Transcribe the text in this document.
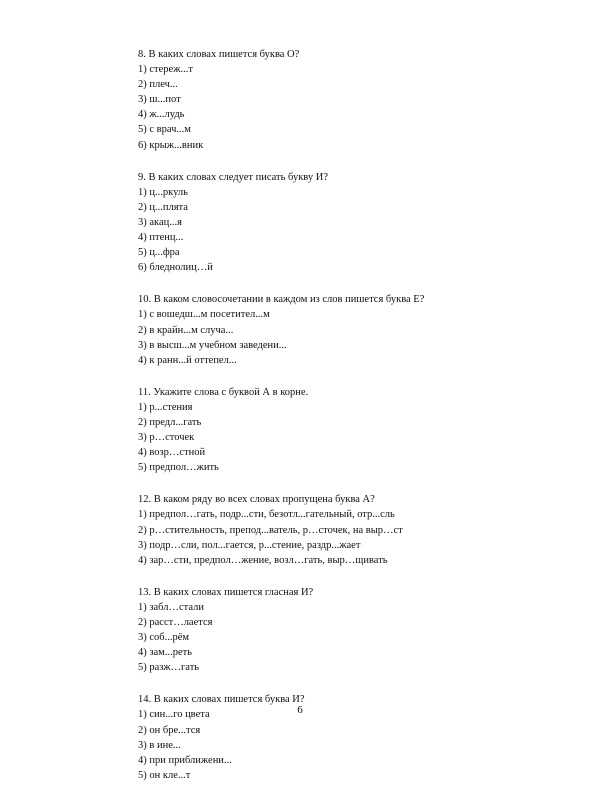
8. В каких словах пишется буква О?

1) стереж...т
2) плеч...
3) ш...пот
4) ж...лудь
5) с врач...м
6) крыж...вник

9. В каких словах следует писать букву И?

1) ц...ркуль
2) ц...плята
3) акац...я
4) птенц...
5) ц...фра
6) бледнолиц…й

10. В каком словосочетании в каждом из слов пишется буква Е?

1) с вошедш...м посетител...м
2) в крайн...м случа...
3) в высш...м учебном заведени...
4) к ранн...й оттепел...

11. Укажите слова с буквой А в корне.

1) р...стения
2) предл...гать
3) р…сточек
4) возр…стной
5) предпол…жить

12. В каком ряду во всех словах пропущена буква А?

1) предпол…гать, подр...сти, безотл...гательный, отр...сль
2) р…стительность, препод...ватель, р…сточек, на выр…ст
3) подр…сли, пол...гается, р...стение, раздр...жает
4) зар…сти, предпол…жение, возл…гать, выр…щивать

13. В каких словах пишется гласная И?

1) забл…стали
2) расст…лается
3) соб...рём
4) зам...реть
5) разж…гать

14. В каких словах пишется буква И?

1) син...го цвета
2) он бре...тся
3) в ине...
4) при приближени...
5) он кле...т
6
